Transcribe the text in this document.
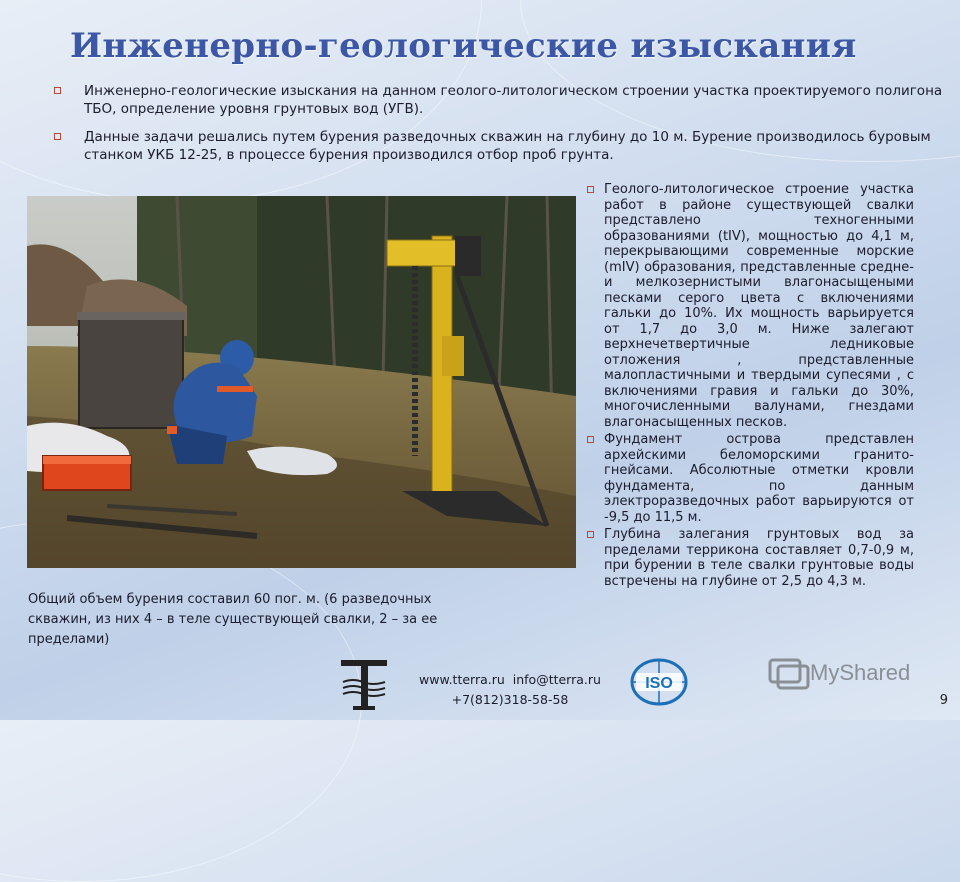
Инженерно-геологические изыскания
Инженерно-геологические изыскания на данном геолого-литологическом строении участка проектируемого полигона ТБО, определение уровня грунтовых вод (УГВ).
Данные задачи решались путем бурения разведочных скважин на глубину до 10 м. Бурение производилось буровым станком УКБ 12-25, в процессе бурения производился отбор проб грунта.

Геолого-литологическое строение участка работ в районе существующей свалки представлено техногенными образованиями (tIV), мощностью до 4,1 м, перекрывающими современные морские (mIV) образования, представленные средне- и мелкозернистыми влагонасыщеными песками серого цвета с включениями гальки до 10%. Их мощность варьируется от 1,7 до 3,0 м. Ниже залегают верхнечетвертичные ледниковые отложения , представленные малопластичными и твердыми супесями , с включениями гравия и гальки до 30%, многочисленными валунами, гнездами влагонасыщенных песков.

Фундамент острова представлен архейскими беломорскими гранито-гнейсами. Абсолютные отметки кровли фундамента, по данным электроразведочных работ варьируются от -9,5 до 11,5 м.

Глубина залегания грунтовых вод за пределами терриконa составляет 0,7-0,9 м, при бурении в теле свалки грунтовые воды встречены на глубине от 2,5 до 4,3 м.

Общий объем бурения составил 60 пог. м. (6 разведочных скважин, из них 4 – в теле существующей свалки, 2 – за ее пределами)
www.tterra.ru info@tterra.ru
+7(812)318-58-58
ISO	MyShared
9
